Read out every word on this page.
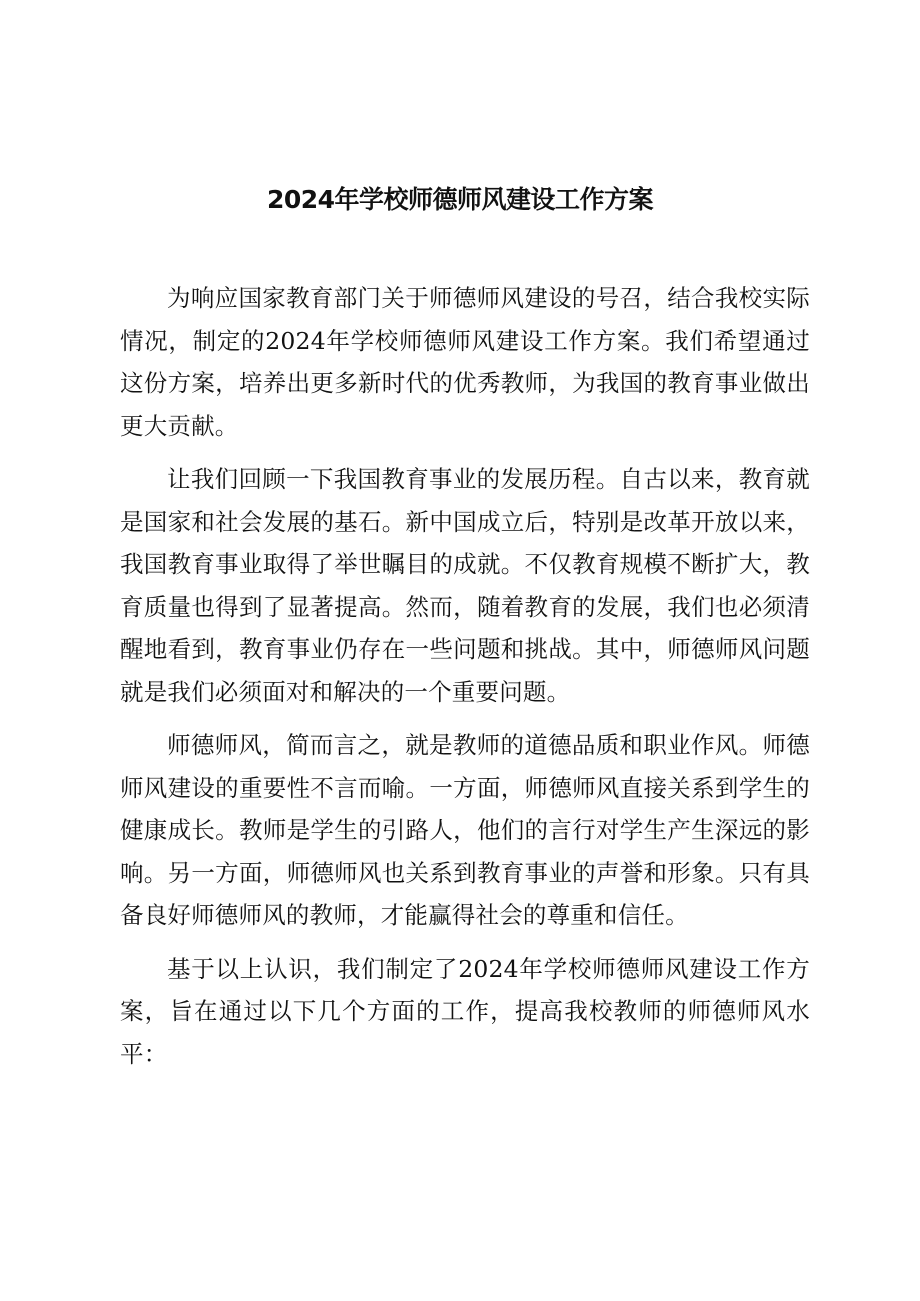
2024年学校师德师风建设工作方案

为响应国家教育部门关于师德师风建设的号召，结合我校实际情况，制定的2024年学校师德师风建设工作方案。我们希望通过这份方案，培养出更多新时代的优秀教师，为我国的教育事业做出更大贡献。

让我们回顾一下我国教育事业的发展历程。自古以来，教育就是国家和社会发展的基石。新中国成立后，特别是改革开放以来，我国教育事业取得了举世瞩目的成就。不仅教育规模不断扩大，教育质量也得到了显著提高。然而，随着教育的发展，我们也必须清醒地看到，教育事业仍存在一些问题和挑战。其中，师德师风问题就是我们必须面对和解决的一个重要问题。

师德师风，简而言之，就是教师的道德品质和职业作风。师德师风建设的重要性不言而喻。一方面，师德师风直接关系到学生的健康成长。教师是学生的引路人，他们的言行对学生产生深远的影响。另一方面，师德师风也关系到教育事业的声誉和形象。只有具备良好师德师风的教师，才能赢得社会的尊重和信任。

基于以上认识，我们制定了2024年学校师德师风建设工作方案，旨在通过以下几个方面的工作，提高我校教师的师德师风水平：
